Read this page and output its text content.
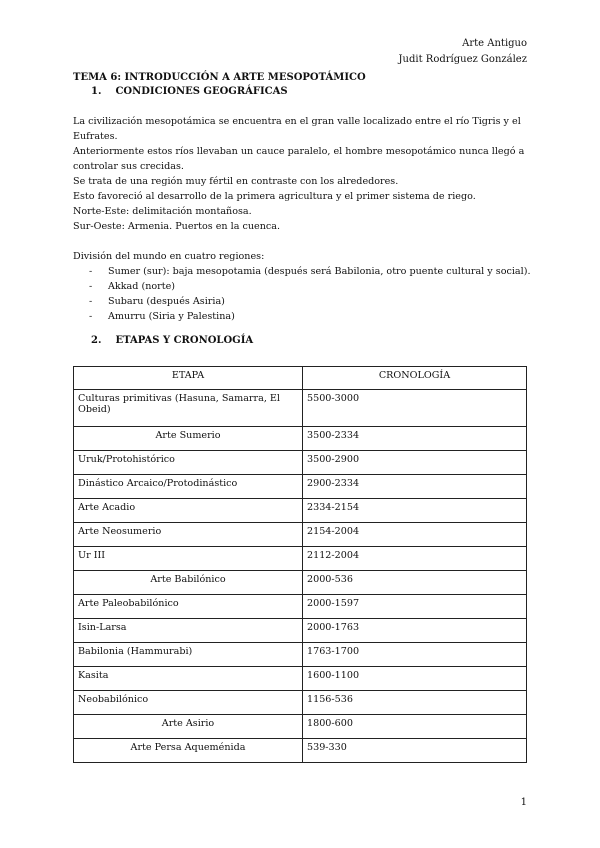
Arte Antiguo
Judit Rodríguez González
TEMA 6: INTRODUCCIÓN A ARTE MESOPOTÁMICO
1. CONDICIONES GEOGRÁFICAS
La civilización mesopotámica se encuentra en el gran valle localizado entre el río Tigris y el Eufrates.
Anteriormente estos ríos llevaban un cauce paralelo, el hombre mesopotámico nunca llegó a controlar sus crecidas.
Se trata de una región muy fértil en contraste con los alrededores.
Esto favoreció al desarrollo de la primera agricultura y el primer sistema de riego.
Norte-Este: delimitación montañosa.
Sur-Oeste: Armenia. Puertos en la cuenca.
División del mundo en cuatro regiones:
- Sumer (sur): baja mesopotamia (después será Babilonia, otro puente cultural y social).
- Akkad (norte)
- Subaru (después Asiria)
- Amurru (Siria y Palestina)
2. ETAPAS Y CRONOLOGÍA
ETAPA	CRONOLOGÍA
Culturas primitivas (Hasuna, Samarra, El Obeid)	5500-3000
Arte Sumerio	3500-2334
Uruk/Protohistórico	3500-2900
Dinástico Arcaico/Protodinástico	2900-2334
Arte Acadio	2334-2154
Arte Neosumerio	2154-2004
Ur III	2112-2004
Arte Babilónico	2000-536
Arte Paleobabilónico	2000-1597
Isin-Larsa	2000-1763
Babilonia (Hammurabi)	1763-1700
Kasita	1600-1100
Neobabilónico	1156-536
Arte Asirio	1800-600
Arte Persa Aqueménida	539-330
1
